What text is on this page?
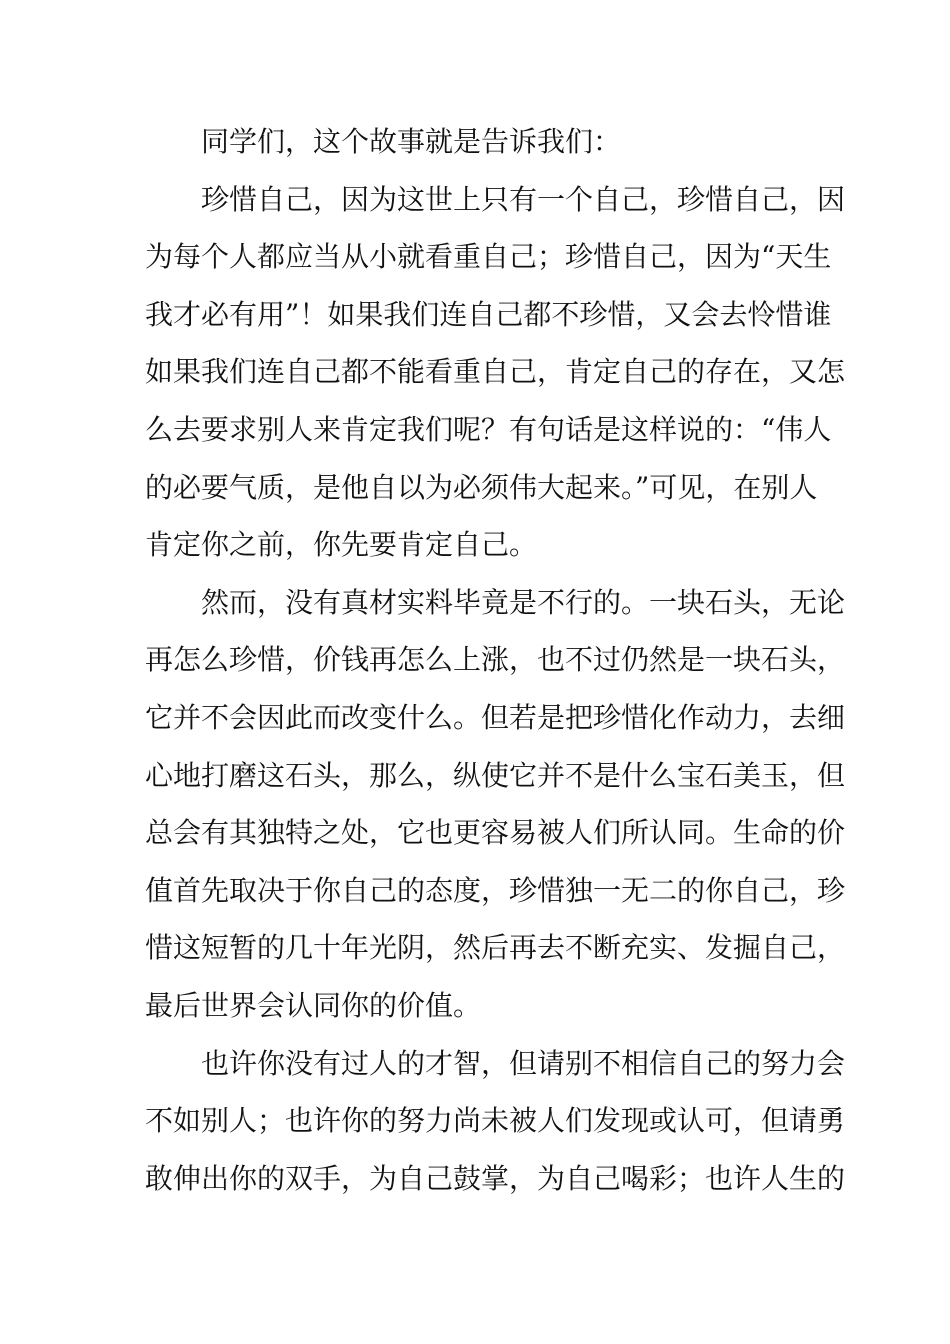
同学们，这个故事就是告诉我们：

珍惜自己，因为这世上只有一个自己，珍惜自己，因
为每个人都应当从小就看重自己；珍惜自己，因为“天生
我才必有用”！如果我们连自己都不珍惜，又会去怜惜谁
如果我们连自己都不能看重自己，肯定自己的存在，又怎
么去要求别人来肯定我们呢？有句话是这样说的：“伟人
的必要气质，是他自以为必须伟大起来。”可见，在别人
肯定你之前，你先要肯定自己。

然而，没有真材实料毕竟是不行的。一块石头，无论
再怎么珍惜，价钱再怎么上涨，也不过仍然是一块石头，
它并不会因此而改变什么。但若是把珍惜化作动力，去细
心地打磨这石头，那么，纵使它并不是什么宝石美玉，但
总会有其独特之处，它也更容易被人们所认同。生命的价
值首先取决于你自己的态度，珍惜独一无二的你自己，珍
惜这短暂的几十年光阴，然后再去不断充实、发掘自己，
最后世界会认同你的价值。

也许你没有过人的才智，但请别不相信自己的努力会
不如别人；也许你的努力尚未被人们发现或认可，但请勇
敢伸出你的双手，为自己鼓掌，为自己喝彩；也许人生的
